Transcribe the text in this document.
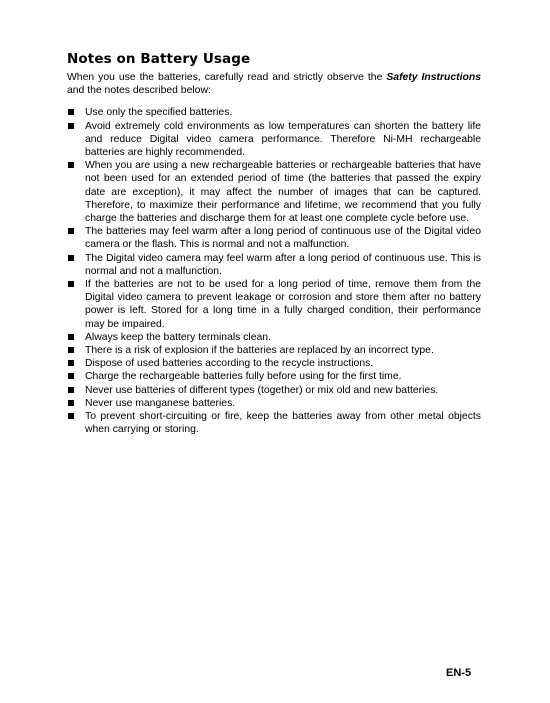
Notes on Battery Usage

When you use the batteries, carefully read and strictly observe the Safety Instructions and the notes described below:

Use only the specified batteries.
Avoid extremely cold environments as low temperatures can shorten the battery life and reduce Digital video camera performance. Therefore Ni-MH rechargeable batteries are highly recommended.
When you are using a new rechargeable batteries or rechargeable batteries that have not been used for an extended period of time (the batteries that passed the expiry date are exception), it may affect the number of images that can be captured. Therefore, to maximize their performance and lifetime, we recommend that you fully charge the batteries and discharge them for at least one complete cycle before use.
The batteries may feel warm after a long period of continuous use of the Digital video camera or the flash. This is normal and not a malfunction.
The Digital video camera may feel warm after a long period of continuous use. This is normal and not a malfunction.
If the batteries are not to be used for a long period of time, remove them from the Digital video camera to prevent leakage or corrosion and store them after no battery power is left. Stored for a long time in a fully charged condition, their performance may be impaired.
Always keep the battery terminals clean.
There is a risk of explosion if the batteries are replaced by an incorrect type.
Dispose of used batteries according to the recycle instructions.
Charge the rechargeable batteries fully before using for the first time.
Never use batteries of different types (together) or mix old and new batteries.
Never use manganese batteries.
To prevent short-circuiting or fire, keep the batteries away from other metal objects when carrying or storing.
EN-5
